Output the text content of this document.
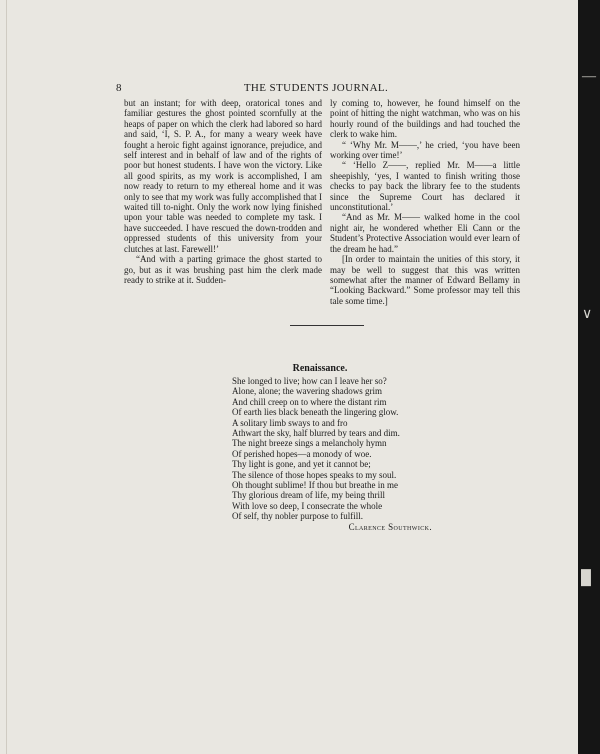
8	THE STUDENTS JOURNAL.

but an instant; for with deep, oratorical tones and familiar gestures the ghost pointed scornfully at the heaps of paper on which the clerk had labored so hard and said, ‘I, S. P. A., for many a weary week have fought a heroic fight against ignorance, prejudice, and self interest and in behalf of law and of the rights of poor but honest students. I have won the victory. Like all good spirits, as my work is accomplished, I am now ready to return to my ethereal home and it was only to see that my work was fully accomplished that I waited till to-night. Only the work now lying finished upon your table was needed to complete my task. I have succeeded. I have rescued the down-trodden and oppressed students of this university from your clutches at last. Farewell!’

“And with a parting grimace the ghost started to go, but as it was brushing past him the clerk made ready to strike at it. Sudden-

ly coming to, however, he found himself on the point of hitting the night watchman, who was on his hourly round of the buildings and had touched the clerk to wake him.

“ ‘Why Mr. M——,’ he cried, ‘you have been working over time!’

“ ‘Hello Z——, replied Mr. M——a little sheepishly, ‘yes, I wanted to finish writing those checks to pay back the library fee to the students since the Supreme Court has declared it unconstitutional.’

“And as Mr. M—— walked home in the cool night air, he wondered whether Eli Cann or the Student’s Protective Association would ever learn of the dream he had.”

[In order to maintain the unities of this story, it may be well to suggest that this was written somewhat after the manner of Edward Bellamy in “Looking Backward.” Some professor may tell this tale some time.]

Renaissance.
She longed to live; how can I leave her so?
Alone, alone; the wavering shadows grim
And chill creep on to where the distant rim
Of earth lies black beneath the lingering glow.
A solitary limb sways to and fro
Athwart the sky, half blurred by tears and dim.
The night breeze sings a melancholy hymn
Of perished hopes—a monody of woe.
Thy light is gone, and yet it cannot be;
The silence of those hopes speaks to my soul.
Oh thought sublime! If thou but breathe in me
Thy glorious dream of life, my being thrill
With love so deep, I consecrate the whole
Of self, thy nobler purpose to fulfill.
Clarence Southwick.
—
∨
█
